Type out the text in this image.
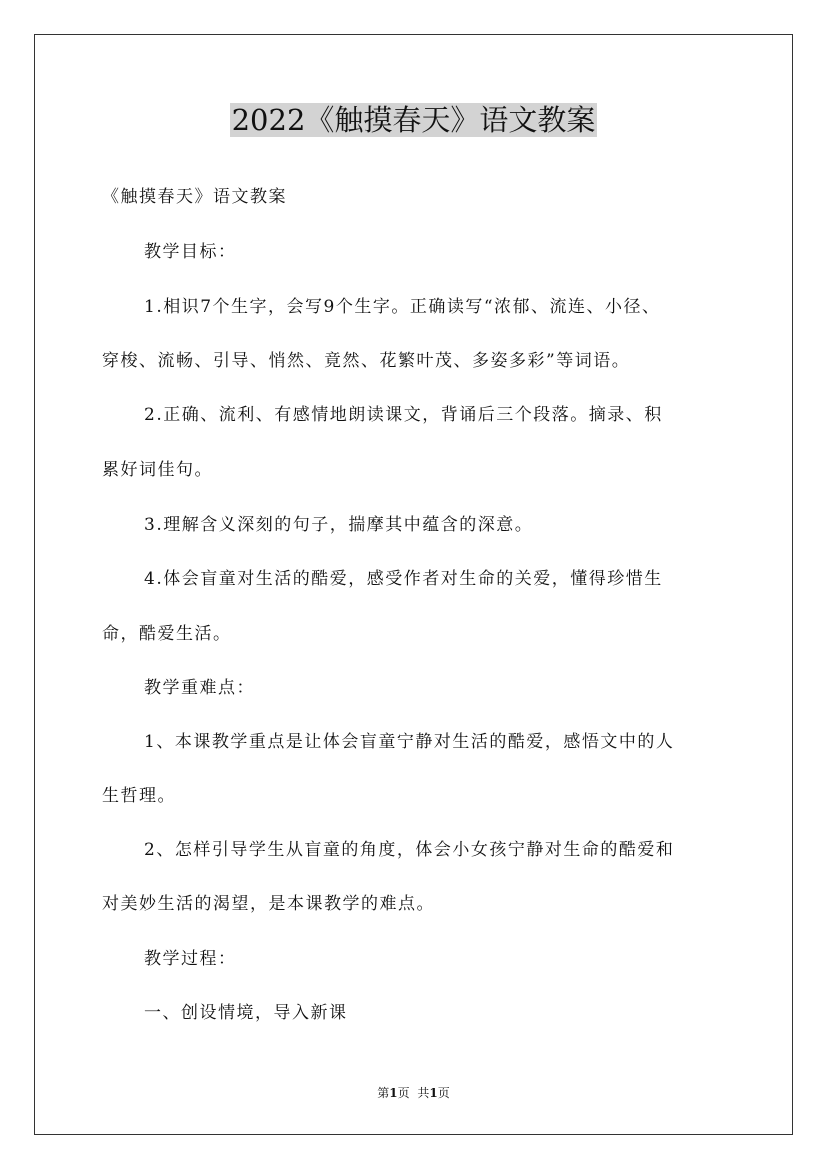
2022《触摸春天》语文教案
《触摸春天》语文教案
教学目标：
1.相识7个生字，会写9个生字。正确读写“浓郁、流连、小径、
穿梭、流畅、引导、悄然、竟然、花繁叶茂、多姿多彩”等词语。
2.正确、流利、有感情地朗读课文，背诵后三个段落。摘录、积
累好词佳句。
3.理解含义深刻的句子，揣摩其中蕴含的深意。
4.体会盲童对生活的酷爱，感受作者对生命的关爱，懂得珍惜生
命，酷爱生活。
教学重难点：
1、本课教学重点是让体会盲童宁静对生活的酷爱，感悟文中的人
生哲理。
2、怎样引导学生从盲童的角度，体会小女孩宁静对生命的酷爱和
对美妙生活的渴望，是本课教学的难点。
教学过程：
一、创设情境，导入新课
第1页 共1页
